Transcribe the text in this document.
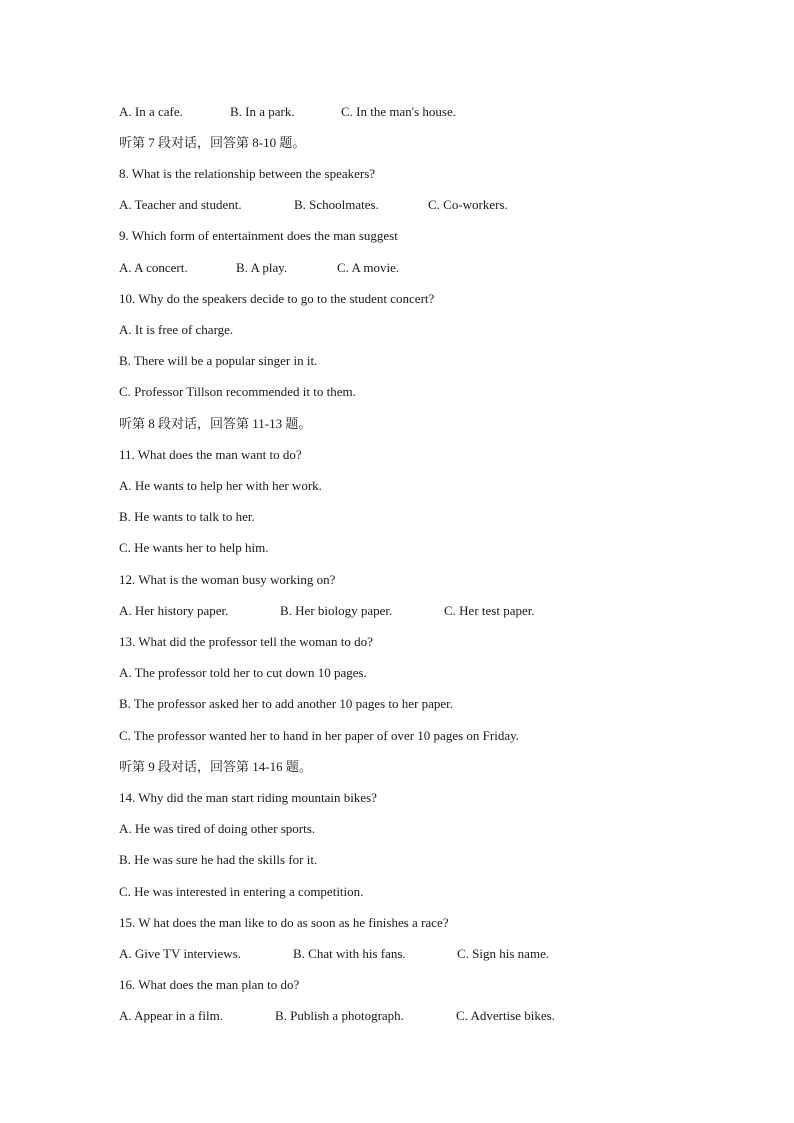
A. In a cafe.	B. In a park.	C. In the man's house.
听第 7 段对话，回答第 8-10 题。
8. What is the relationship between the speakers?
A. Teacher and student.	B. Schoolmates.	C. Co-workers.
9. Which form of entertainment does the man suggest
A. A concert.	B. A play.	C. A movie.
10. Why do the speakers decide to go to the student concert?
A. It is free of charge.
B. There will be a popular singer in it.
C. Professor Tillson recommended it to them.
听第 8 段对话，回答第 11-13 题。
11. What does the man want to do?
A. He wants to help her with her work.
B. He wants to talk to her.
C. He wants her to help him.
12. What is the woman busy working on?
A. Her history paper.	B. Her biology paper.	C. Her test paper.
13. What did the professor tell the woman to do?
A. The professor told her to cut down 10 pages.
B. The professor asked her to add another 10 pages to her paper.
C. The professor wanted her to hand in her paper of over 10 pages on Friday.
听第 9 段对话，回答第 14-16 题。
14. Why did the man start riding mountain bikes?
A. He was tired of doing other sports.
B. He was sure he had the skills for it.
C. He was interested in entering a competition.
15. W hat does the man like to do as soon as he finishes a race?
A. Give TV interviews.	B. Chat with his fans.	C. Sign his name.
16. What does the man plan to do?
A. Appear in a film.	B. Publish a photograph.	C. Advertise bikes.
